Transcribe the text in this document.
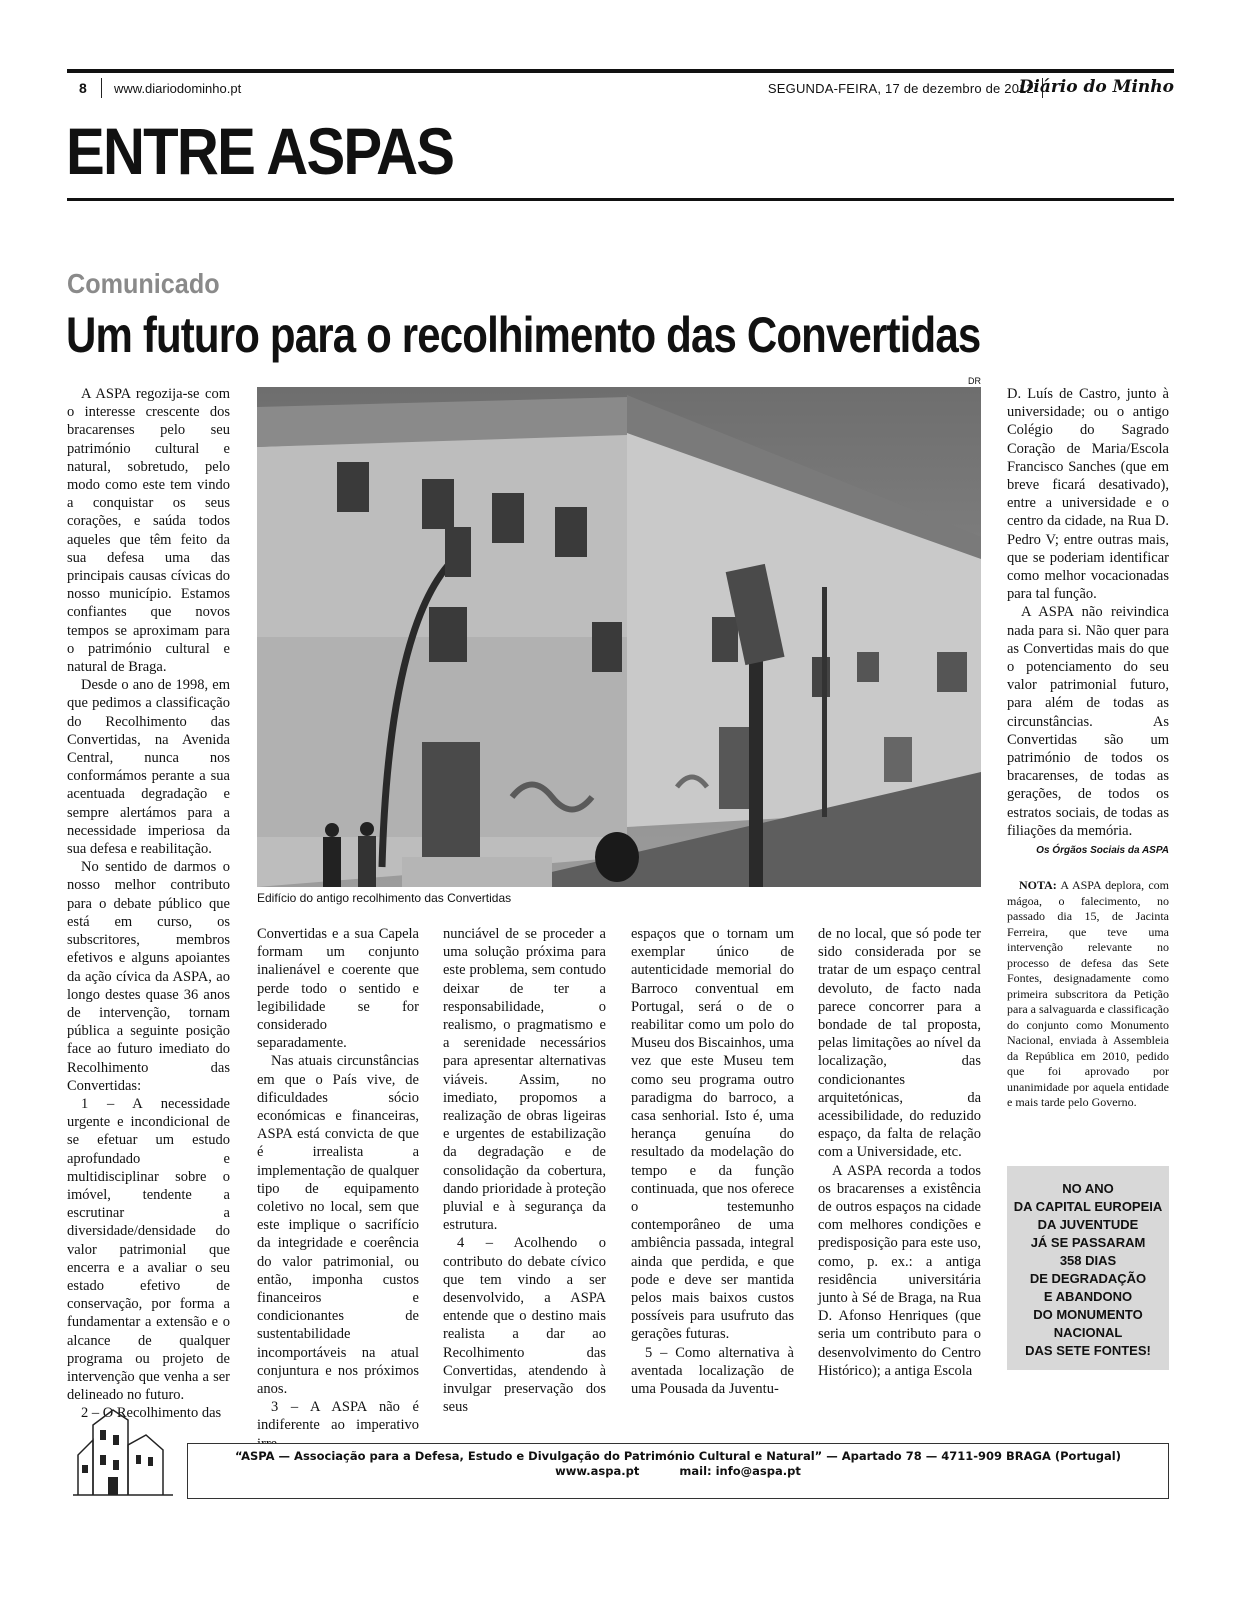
8 www.diariodominho.pt	SEGUNDA-FEIRA, 17 de dezembro de 2012
Diário do Minho
ENTRE ASPAS
Comunicado
Um futuro para o recolhimento das Convertidas

A ASPA regozija-se com o interesse crescente dos bracarenses pelo seu património cultural e natural, sobretudo, pelo modo como este tem vindo a conquistar os seus corações, e saúda todos aqueles que têm feito da sua defesa uma das principais causas cívicas do nosso município. Estamos confiantes que novos tempos se aproximam para o património cultural e natural de Braga.

Desde o ano de 1998, em que pedimos a classificação do Recolhimento das Convertidas, na Avenida Central, nunca nos conformámos perante a sua acentuada degradação e sempre alertámos para a necessidade imperiosa da sua defesa e reabilitação.

No sentido de darmos o nosso melhor contributo para o debate público que está em curso, os subscritores, membros efetivos e alguns apoiantes da ação cívica da ASPA, ao longo destes quase 36 anos de intervenção, tornam pública a seguinte posição face ao futuro imediato do Recolhimento das Convertidas:

1 – A necessidade urgente e incondicional de se efetuar um estudo aprofundado e multidisciplinar sobre o imóvel, tendente a escrutinar a diversidade/densidade do valor patrimonial que encerra e a avaliar o seu estado efetivo de conservação, por forma a fundamentar a extensão e o alcance de qualquer programa ou projeto de intervenção que venha a ser delineado no futuro.

2 – O Recolhimento das

DR
Edifício do antigo recolhimento das Convertidas

Convertidas e a sua Capela formam um conjunto inalienável e coerente que perde todo o sentido e legibilidade se for considerado separadamente.

Nas atuais circunstâncias em que o País vive, de dificuldades sócio económicas e financeiras, ASPA está convicta de que é irrealista a implementação de qualquer tipo de equipamento coletivo no local, sem que este implique o sacrifício da integridade e coerência do valor patrimonial, ou então, imponha custos financeiros e condicionantes de sustentabilidade incomportáveis na atual conjuntura e nos próximos anos.

3 – A ASPA não é indiferente ao imperativo

nunciável de se proceder a uma solução próxima para este problema, sem contudo deixar de ter a responsabilidade, o realismo, o pragmatismo e a serenidade necessários para apresentar alternativas viáveis. Assim, no imediato, propomos a realização de obras ligeiras e urgentes de estabilização da degradação e de consolidação da cobertura, dando prioridade à proteção pluvial e à segurança da estrutura.

4 – Acolhendo o contributo do debate cívico que tem vindo a ser desenvolvido, a ASPA entende que o destino mais realista a dar ao Recolhimento das Convertidas, atendendo à invulgar preservação dos seus

espaços que o tornam um exemplar único de autenticidade memorial do Barroco conventual em Portugal, será o de o reabilitar como um polo do Museu dos Biscainhos, uma vez que este Museu tem como seu programa outro paradigma do barroco, a casa senhorial. Isto é, uma herança genuína do resultado da modelação do tempo e da função continuada, que nos oferece o testemunho contemporâneo de uma ambiência passada, integral ainda que perdida, e que pode e deve ser mantida pelos mais baixos custos possíveis para usufruto das gerações futuras.

5 – Como alternativa à aventada localização de uma Pousada da Juventu-

de no local, que só pode ter sido considerada por se tratar de um espaço central devoluto, de facto nada parece concorrer para a bondade de tal proposta, pelas limitações ao nível da localização, das condicionantes arquitetónicas, da acessibilidade, do reduzido espaço, da falta de relação com a Universidade, etc.

A ASPA recorda a todos os bracarenses a existência de outros espaços na cidade com melhores condições e predisposição para este uso, como, p. ex.: a antiga residência universitária junto à Sé de Braga, na Rua D. Afonso Henriques (que seria um contributo para o desenvolvimento do Centro Histórico); a antiga Escola

D. Luís de Castro, junto à universidade; ou o antigo Colégio do Sagrado Coração de Maria/Escola Francisco Sanches (que em breve ficará desativado), entre a universidade e o centro da cidade, na Rua D. Pedro V; entre outras mais, que se poderiam identificar como melhor vocacionadas para tal função.

A ASPA não reivindica nada para si. Não quer para as Convertidas mais do que o potenciamento do seu valor patrimonial futuro, para além de todas as circunstâncias. As Convertidas são um património de todos os bracarenses, de todas as gerações, de todos os estratos sociais, de todas as filiações da memória.

Os Órgãos Sociais da ASPA

NOTA: A ASPA deplora, com mágoa, o falecimento, no passado dia 15, de Jacinta Ferreira, que teve uma intervenção relevante no processo de defesa das Sete Fontes, designadamente como primeira subscritora da Petição para a salvaguarda e classificação do conjunto como Monumento Nacional, enviada à Assembleia da República em 2010, pedido que foi aprovado por unanimidade por aquela entidade e mais tarde pelo Governo.

NO ANO
DA CAPITAL EUROPEIA
DA JUVENTUDE
JÁ SE PASSARAM
358 DIAS
DE DEGRADAÇÃO
E ABANDONO
DO MONUMENTO
NACIONAL
DAS SETE FONTES!
“ASPA — Associação para a Defesa, Estudo e Divulgação do Património Cultural e Natural” — Apartado 78 — 4711-909 BRAGA (Portugal)
www.aspa.pt          mail: info@aspa.pt
